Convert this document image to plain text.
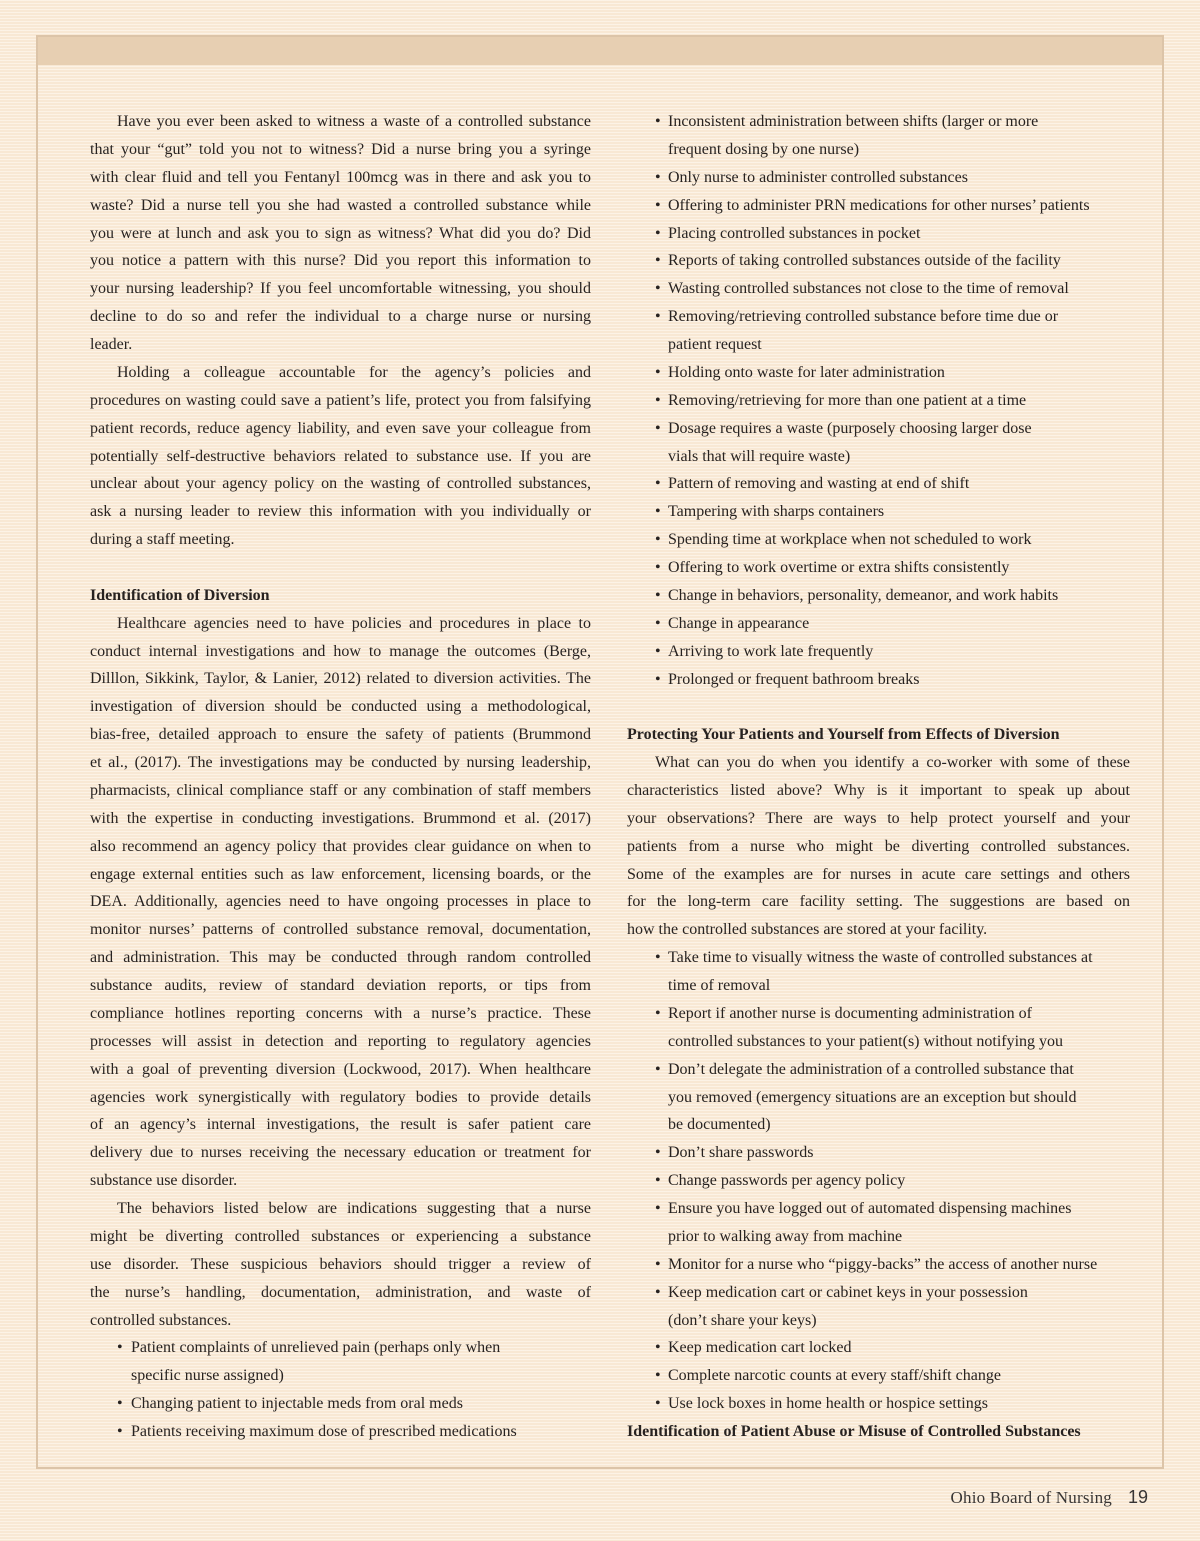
Have you ever been asked to witness a waste of a controlled substance
that your “gut” told you not to witness? Did a nurse bring you a syringe
with clear fluid and tell you Fentanyl 100mcg was in there and ask you to
waste? Did a nurse tell you she had wasted a controlled substance while
you were at lunch and ask you to sign as witness? What did you do? Did
you notice a pattern with this nurse? Did you report this information to
your nursing leadership? If you feel uncomfortable witnessing, you should
decline to do so and refer the individual to a charge nurse or nursing
leader.
Holding a colleague accountable for the agency’s policies and
procedures on wasting could save a patient’s life, protect you from falsifying
patient records, reduce agency liability, and even save your colleague from
potentially self-destructive behaviors related to substance use. If you are
unclear about your agency policy on the wasting of controlled substances,
ask a nursing leader to review this information with you individually or
during a staff meeting.
Identification of Diversion
Healthcare agencies need to have policies and procedures in place to
conduct internal investigations and how to manage the outcomes (Berge,
Dilllon, Sikkink, Taylor, & Lanier, 2012) related to diversion activities. The
investigation of diversion should be conducted using a methodological,
bias-free, detailed approach to ensure the safety of patients (Brummond
et al., (2017). The investigations may be conducted by nursing leadership,
pharmacists, clinical compliance staff or any combination of staff members
with the expertise in conducting investigations. Brummond et al. (2017)
also recommend an agency policy that provides clear guidance on when to
engage external entities such as law enforcement, licensing boards, or the
DEA. Additionally, agencies need to have ongoing processes in place to
monitor nurses’ patterns of controlled substance removal, documentation,
and administration. This may be conducted through random controlled
substance audits, review of standard deviation reports, or tips from
compliance hotlines reporting concerns with a nurse’s practice. These
processes will assist in detection and reporting to regulatory agencies
with a goal of preventing diversion (Lockwood, 2017). When healthcare
agencies work synergistically with regulatory bodies to provide details
of an agency’s internal investigations, the result is safer patient care
delivery due to nurses receiving the necessary education or treatment for
substance use disorder.
The behaviors listed below are indications suggesting that a nurse
might be diverting controlled substances or experiencing a substance
use disorder. These suspicious behaviors should trigger a review of
the nurse’s handling, documentation, administration, and waste of
controlled substances.
• Patient complaints of unrelieved pain (perhaps only when
specific nurse assigned)
• Changing patient to injectable meds from oral meds
• Patients receiving maximum dose of prescribed medications
• Inconsistent administration between shifts (larger or more
frequent dosing by one nurse)
• Only nurse to administer controlled substances
• Offering to administer PRN medications for other nurses’ patients
• Placing controlled substances in pocket
• Reports of taking controlled substances outside of the facility
• Wasting controlled substances not close to the time of removal
• Removing/retrieving controlled substance before time due or
patient request
• Holding onto waste for later administration
• Removing/retrieving for more than one patient at a time
• Dosage requires a waste (purposely choosing larger dose
vials that will require waste)
• Pattern of removing and wasting at end of shift
• Tampering with sharps containers
• Spending time at workplace when not scheduled to work
• Offering to work overtime or extra shifts consistently
• Change in behaviors, personality, demeanor, and work habits
• Change in appearance
• Arriving to work late frequently
• Prolonged or frequent bathroom breaks
Protecting Your Patients and Yourself from Effects of Diversion
What can you do when you identify a co-worker with some of these
characteristics listed above? Why is it important to speak up about
your observations? There are ways to help protect yourself and your
patients from a nurse who might be diverting controlled substances.
Some of the examples are for nurses in acute care settings and others
for the long-term care facility setting. The suggestions are based on
how the controlled substances are stored at your facility.
• Take time to visually witness the waste of controlled substances at
time of removal
• Report if another nurse is documenting administration of
controlled substances to your patient(s) without notifying you
• Don’t delegate the administration of a controlled substance that
you removed (emergency situations are an exception but should
be documented)
• Don’t share passwords
• Change passwords per agency policy
• Ensure you have logged out of automated dispensing machines
prior to walking away from machine
• Monitor for a nurse who “piggy-backs” the access of another nurse
• Keep medication cart or cabinet keys in your possession
(don’t share your keys)
• Keep medication cart locked
• Complete narcotic counts at every staff/shift change
• Use lock boxes in home health or hospice settings
Identification of Patient Abuse or Misuse of Controlled Substances
Ohio Board of Nursing 19
